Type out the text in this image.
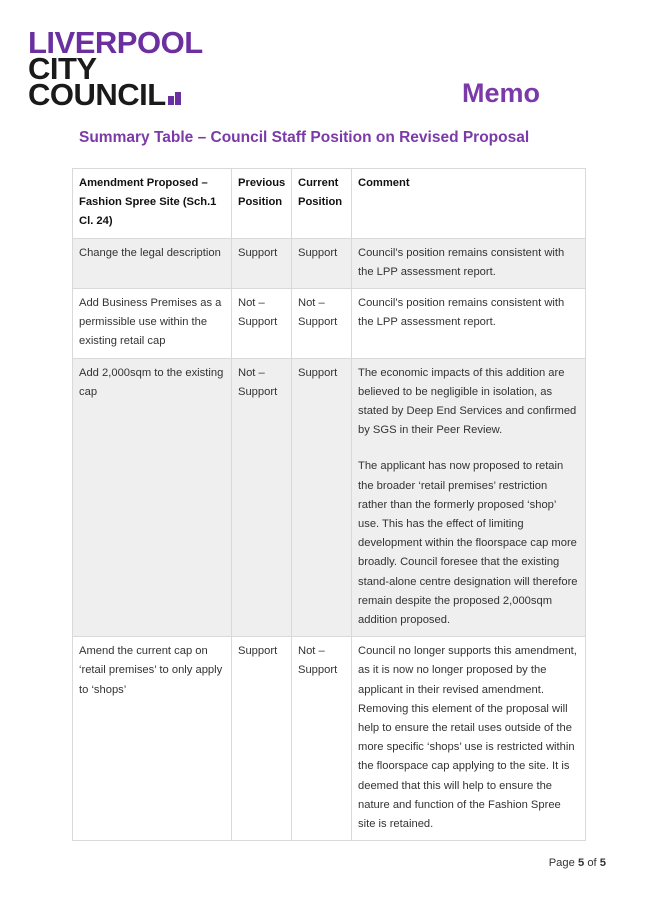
LIVERPOOL
CITY
COUNCIL	Memo
Summary Table – Council Staff Position on Revised Proposal
Amendment Proposed – Fashion Spree Site (Sch.1 Cl. 24)	Previous Position	Current Position	Comment
Change the legal description	Support	Support	Council’s position remains consistent with the LPP assessment report.

Add Business Premises as a permissible use within the existing retail cap	Not – Support	Not – Support	Council’s position remains consistent with the LPP assessment report.

Add 2,000sqm to the existing cap	Not – Support	Support	The economic impacts of this addition are believed to be negligible in isolation, as stated by Deep End Services and confirmed by SGS in their Peer Review.
The applicant has now proposed to retain the broader ‘retail premises’ restriction rather than the formerly proposed ‘shop’ use. This has the effect of limiting development within the floorspace cap more broadly. Council foresee that the existing stand-alone centre designation will therefore remain despite the proposed 2,000sqm addition proposed.

Amend the current cap on ‘retail premises’ to only apply to ‘shops’	Support	Not – Support	Council no longer supports this amendment, as it is now no longer proposed by the applicant in their revised amendment. Removing this element of the proposal will help to ensure the retail uses outside of the more specific ‘shops’ use is restricted within the floorspace cap applying to the site. It is deemed that this will help to ensure the nature and function of the Fashion Spree site is retained.
Page 5 of 5
